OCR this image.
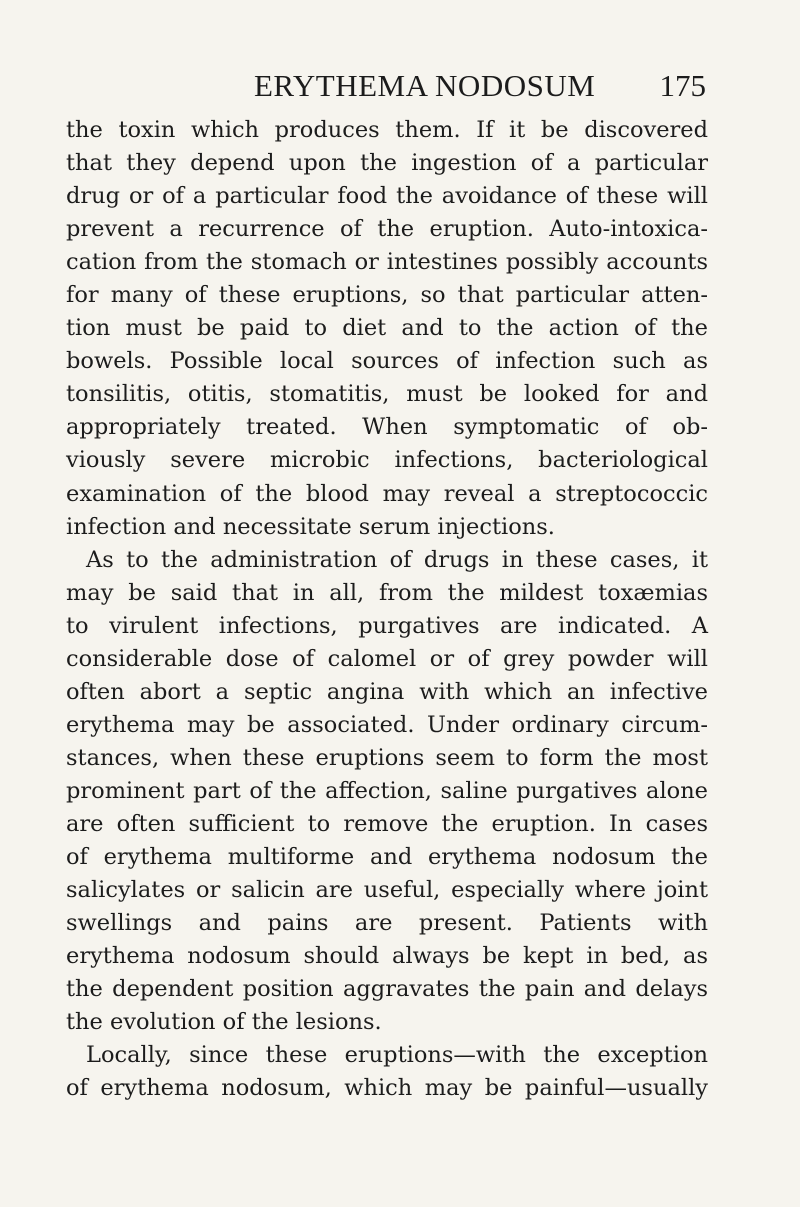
ERYTHEMA NODOSUM 175
the toxin which produces them. If it be discovered
that they depend upon the ingestion of a particular
drug or of a particular food the avoidance of these will
prevent a recurrence of the eruption. Auto-intoxica-
cation from the stomach or intestines possibly accounts
for many of these eruptions, so that particular atten-
tion must be paid to diet and to the action of the
bowels. Possible local sources of infection such as
tonsilitis, otitis, stomatitis, must be looked for and
appropriately treated. When symptomatic of ob-
viously severe microbic infections, bacteriological
examination of the blood may reveal a streptococcic
infection and necessitate serum injections.
As to the administration of drugs in these cases, it
may be said that in all, from the mildest toxæmias
to virulent infections, purgatives are indicated. A
considerable dose of calomel or of grey powder will
often abort a septic angina with which an infective
erythema may be associated. Under ordinary circum-
stances, when these eruptions seem to form the most
prominent part of the affection, saline purgatives alone
are often sufficient to remove the eruption. In cases
of erythema multiforme and erythema nodosum the
salicylates or salicin are useful, especially where joint
swellings and pains are present. Patients with
erythema nodosum should always be kept in bed, as
the dependent position aggravates the pain and delays
the evolution of the lesions.
Locally, since these eruptions—with the exception
of erythema nodosum, which may be painful—usually
